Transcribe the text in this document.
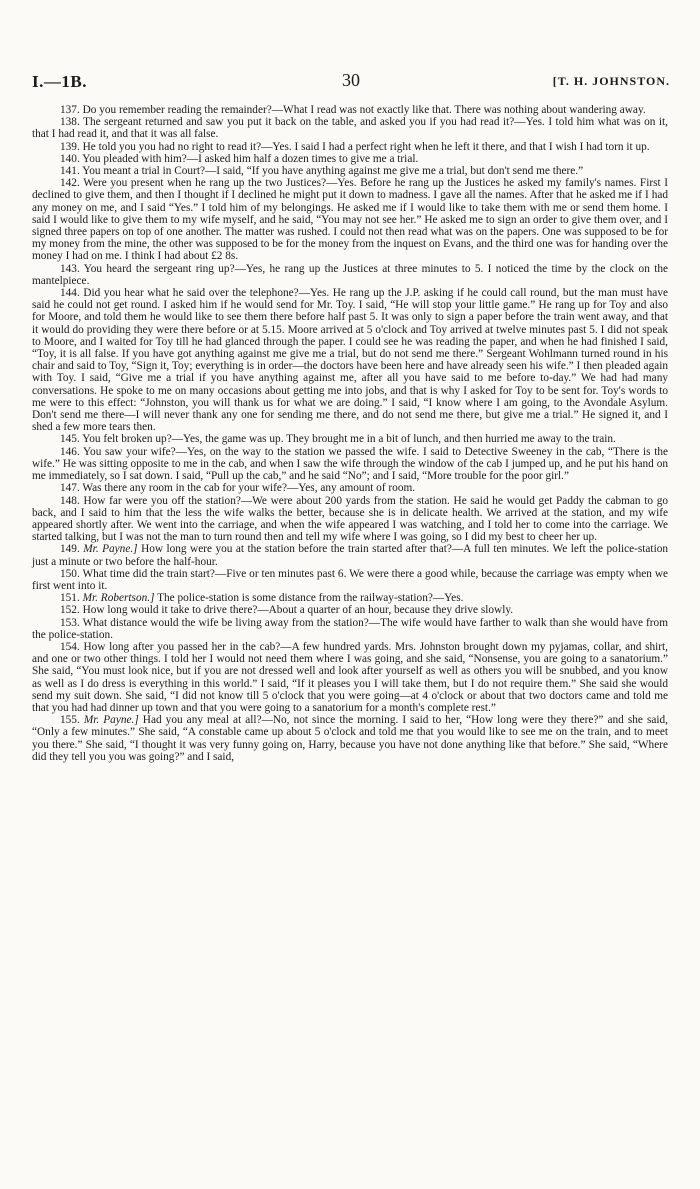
I.—1B.	30	[T. H. JOHNSTON.

137. Do you remember reading the remainder?—What I read was not exactly like that. There was nothing about wandering away.

138. The sergeant returned and saw you put it back on the table, and asked you if you had read it?—Yes. I told him what was on it, that I had read it, and that it was all false.

139. He told you you had no right to read it?—Yes. I said I had a perfect right when he left it there, and that I wish I had torn it up.

140. You pleaded with him?—I asked him half a dozen times to give me a trial.

141. You meant a trial in Court?—I said, “If you have anything against me give me a trial, but don't send me there.”

142. Were you present when he rang up the two Justices?—Yes. Before he rang up the Justices he asked my family's names. First I declined to give them, and then I thought if I declined he might put it down to madness. I gave all the names. After that he asked me if I had any money on me, and I said “Yes.” I told him of my belongings. He asked me if I would like to take them with me or send them home. I said I would like to give them to my wife myself, and he said, “You may not see her.” He asked me to sign an order to give them over, and I signed three papers on top of one another. The matter was rushed. I could not then read what was on the papers. One was supposed to be for my money from the mine, the other was supposed to be for the money from the inquest on Evans, and the third one was for handing over the money I had on me. I think I had about £2 8s.

143. You heard the sergeant ring up?—Yes, he rang up the Justices at three minutes to 5. I noticed the time by the clock on the mantelpiece.

144. Did you hear what he said over the telephone?—Yes. He rang up the J.P. asking if he could call round, but the man must have said he could not get round. I asked him if he would send for Mr. Toy. I said, “He will stop your little game.” He rang up for Toy and also for Moore, and told them he would like to see them there before half past 5. It was only to sign a paper before the train went away, and that it would do providing they were there before or at 5.15. Moore arrived at 5 o'clock and Toy arrived at twelve minutes past 5. I did not speak to Moore, and I waited for Toy till he had glanced through the paper. I could see he was reading the paper, and when he had finished I said, “Toy, it is all false. If you have got anything against me give me a trial, but do not send me there.” Sergeant Wohlmann turned round in his chair and said to Toy, “Sign it, Toy; everything is in order—the doctors have been here and have already seen his wife.” I then pleaded again with Toy. I said, “Give me a trial if you have anything against me, after all you have said to me before to-day.” We had had many conversations. He spoke to me on many occasions about getting me into jobs, and that is why I asked for Toy to be sent for. Toy's words to me were to this effect: “Johnston, you will thank us for what we are doing.” I said, “I know where I am going, to the Avondale Asylum. Don't send me there—I will never thank any one for sending me there, and do not send me there, but give me a trial.” He signed it, and I shed a few more tears then.

145. You felt broken up?—Yes, the game was up. They brought me in a bit of lunch, and then hurried me away to the train.

146. You saw your wife?—Yes, on the way to the station we passed the wife. I said to Detective Sweeney in the cab, “There is the wife.” He was sitting opposite to me in the cab, and when I saw the wife through the window of the cab I jumped up, and he put his hand on me immediately, so I sat down. I said, “Pull up the cab,” and he said “No”; and I said, “More trouble for the poor girl.”

147. Was there any room in the cab for your wife?—Yes, any amount of room.

148. How far were you off the station?—We were about 200 yards from the station. He said he would get Paddy the cabman to go back, and I said to him that the less the wife walks the better, because she is in delicate health. We arrived at the station, and my wife appeared shortly after. We went into the carriage, and when the wife appeared I was watching, and I told her to come into the carriage. We started talking, but I was not the man to turn round then and tell my wife where I was going, so I did my best to cheer her up.

149. Mr. Payne.] How long were you at the station before the train started after that?—A full ten minutes. We left the police-station just a minute or two before the half-hour.

150. What time did the train start?—Five or ten minutes past 6. We were there a good while, because the carriage was empty when we first went into it.

151. Mr. Robertson.] The police-station is some distance from the railway-station?—Yes.

152. How long would it take to drive there?—About a quarter of an hour, because they drive slowly.

153. What distance would the wife be living away from the station?—The wife would have farther to walk than she would have from the police-station.

154. How long after you passed her in the cab?—A few hundred yards. Mrs. Johnston brought down my pyjamas, collar, and shirt, and one or two other things. I told her I would not need them where I was going, and she said, “Nonsense, you are going to a sanatorium.” She said, “You must look nice, but if you are not dressed well and look after yourself as well as others you will be snubbed, and you know as well as I do dress is everything in this world.” I said, “If it pleases you I will take them, but I do not require them.” She said she would send my suit down. She said, “I did not know till 5 o'clock that you were going—at 4 o'clock or about that two doctors came and told me that you had had dinner up town and that you were going to a sanatorium for a month's complete rest.”

155. Mr. Payne.] Had you any meal at all?—No, not since the morning. I said to her, “How long were they there?” and she said, “Only a few minutes.” She said, “A constable came up about 5 o'clock and told me that you would like to see me on the train, and to meet you there.” She said, “I thought it was very funny going on, Harry, because you have not done anything like that before.” She said, “Where did they tell you you was going?” and I said,
